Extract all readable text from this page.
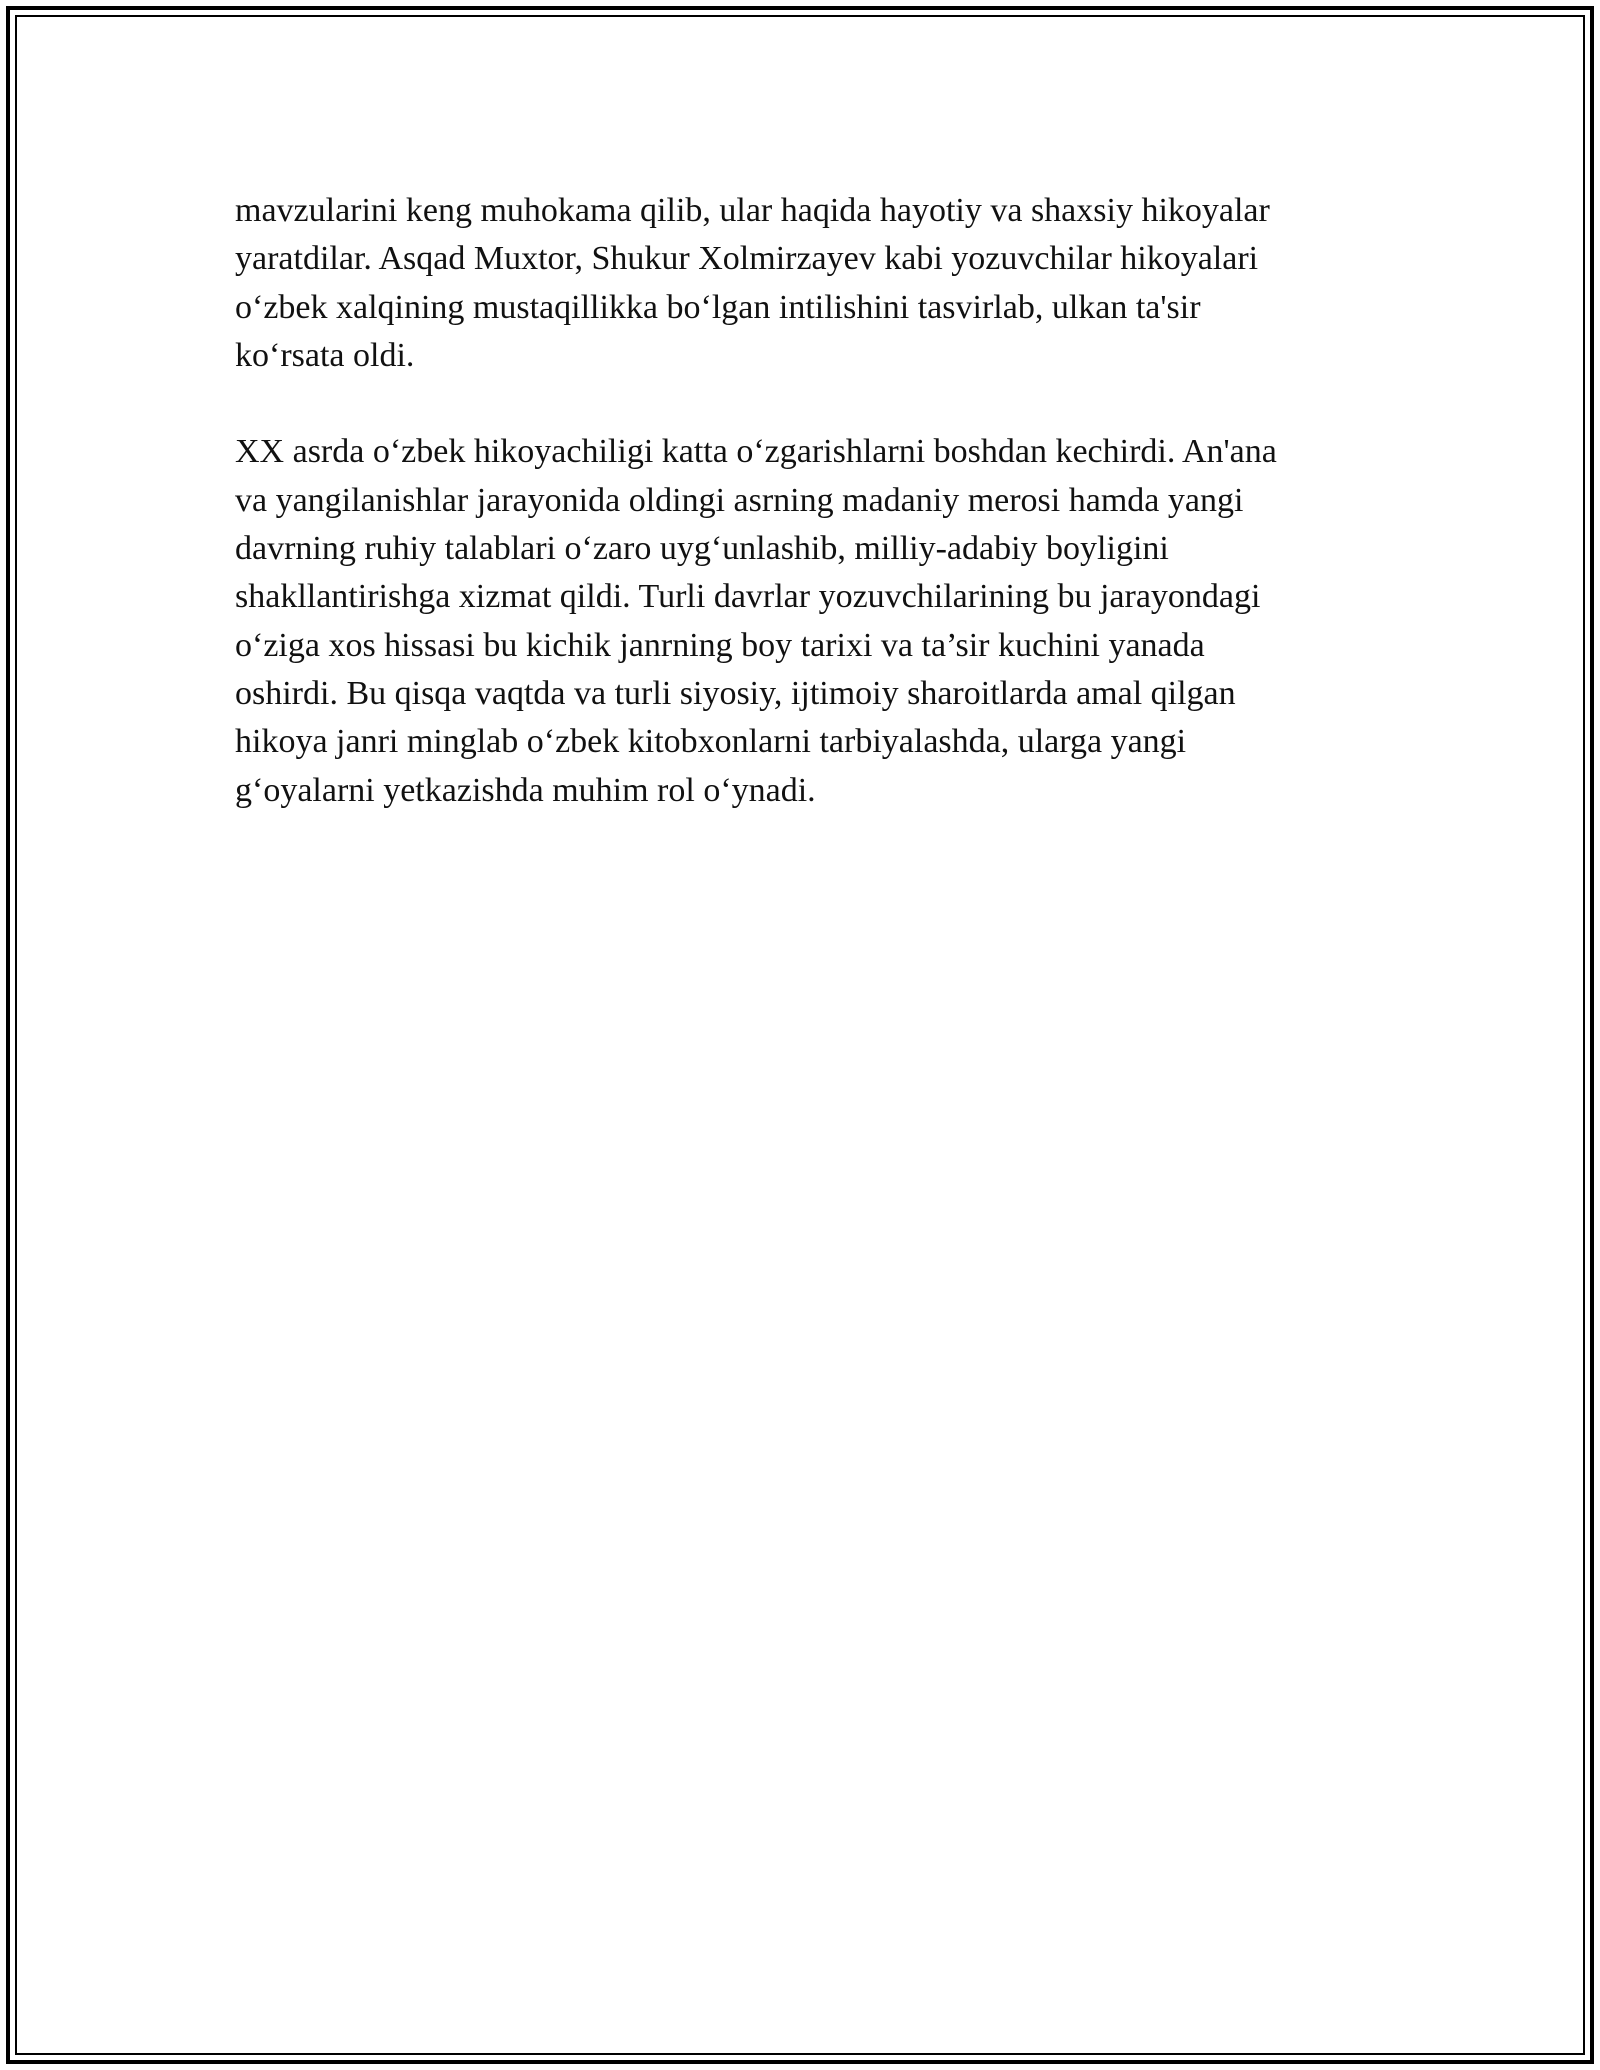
mavzularini keng muhokama qilib, ular haqida hayotiy va shaxsiy hikoyalar
yaratdilar. Asqad Muxtor, Shukur Xolmirzayev kabi yozuvchilar hikoyalari
o‘zbek xalqining mustaqillikka bo‘lgan intilishini tasvirlab, ulkan ta'sir
ko‘rsata oldi.

XX asrda o‘zbek hikoyachiligi katta o‘zgarishlarni boshdan kechirdi. An'ana
va yangilanishlar jarayonida oldingi asrning madaniy merosi hamda yangi
davrning ruhiy talablari o‘zaro uyg‘unlashib, milliy-adabiy boyligini
shakllantirishga xizmat qildi. Turli davrlar yozuvchilarining bu jarayondagi
o‘ziga xos hissasi bu kichik janrning boy tarixi va ta’sir kuchini yanada
oshirdi. Bu qisqa vaqtda va turli siyosiy, ijtimoiy sharoitlarda amal qilgan
hikoya janri minglab o‘zbek kitobxonlarni tarbiyalashda, ularga yangi
g‘oyalarni yetkazishda muhim rol o‘ynadi.
